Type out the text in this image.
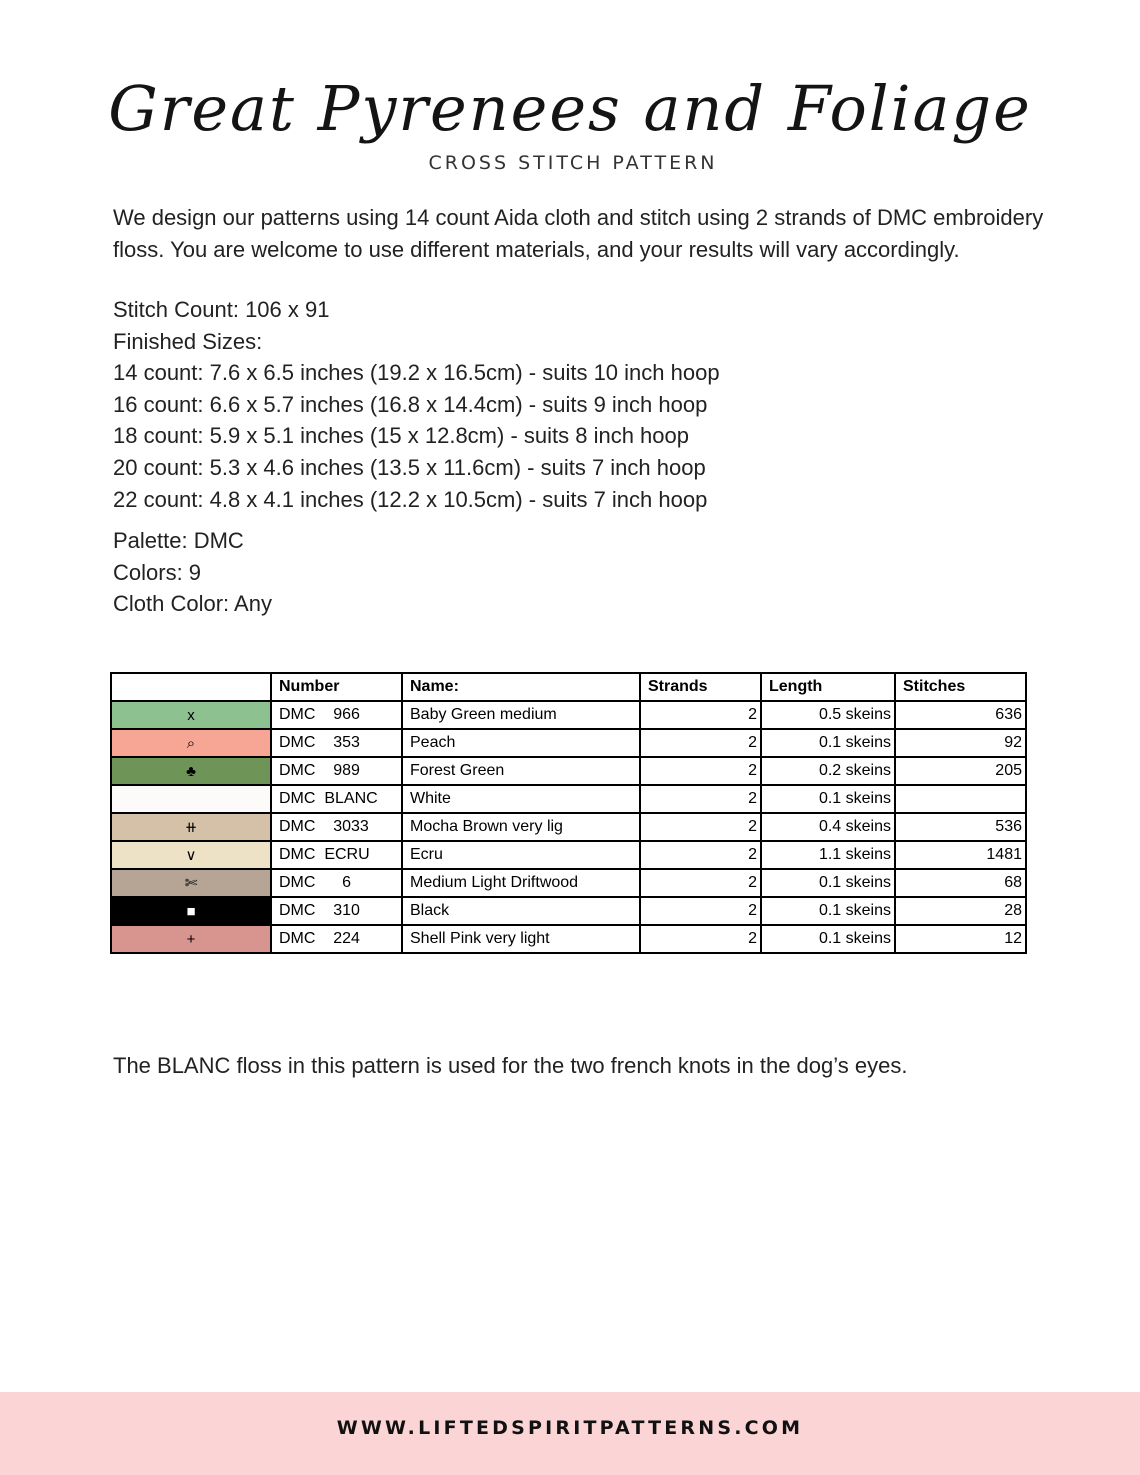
Great Pyrenees and Foliage
CROSS STITCH PATTERN
We design our patterns using 14 count Aida cloth and stitch using 2 strands of DMC embroidery
floss. You are welcome to use different materials, and your results will vary accordingly.
Stitch Count: 106 x 91
Finished Sizes:
14 count: 7.6 x 6.5 inches (19.2 x 16.5cm) - suits 10 inch hoop
16 count: 6.6 x 5.7 inches (16.8 x 14.4cm) - suits 9 inch hoop
18 count: 5.9 x 5.1 inches (15 x 12.8cm) - suits 8 inch hoop
20 count: 5.3 x 4.6 inches (13.5 x 11.6cm) - suits 7 inch hoop
22 count: 4.8 x 4.1 inches (12.2 x 10.5cm) - suits 7 inch hoop
Palette: DMC
Colors: 9
Cloth Color: Any
	Number	Name:	Strands	Length	Stitches
x	DMC    966	Baby Green medium	2	0.5 skeins	636
⌕	DMC    353	Peach	2	0.1 skeins	92
♣	DMC    989	Forest Green	2	0.2 skeins	205
	DMC  BLANC	White	2	0.1 skeins	
⧺	DMC    3033	Mocha Brown very lig	2	0.4 skeins	536
∨	DMC  ECRU	Ecru	2	1.1 skeins	1481
✄	DMC      6	Medium Light Driftwood	2	0.1 skeins	68
■	DMC    310	Black	2	0.1 skeins	28
+	DMC    224	Shell Pink very light	2	0.1 skeins	12
The BLANC floss in this pattern is used for the two french knots in the dog’s eyes.
WWW.LIFTEDSPIRITPATTERNS.COM
